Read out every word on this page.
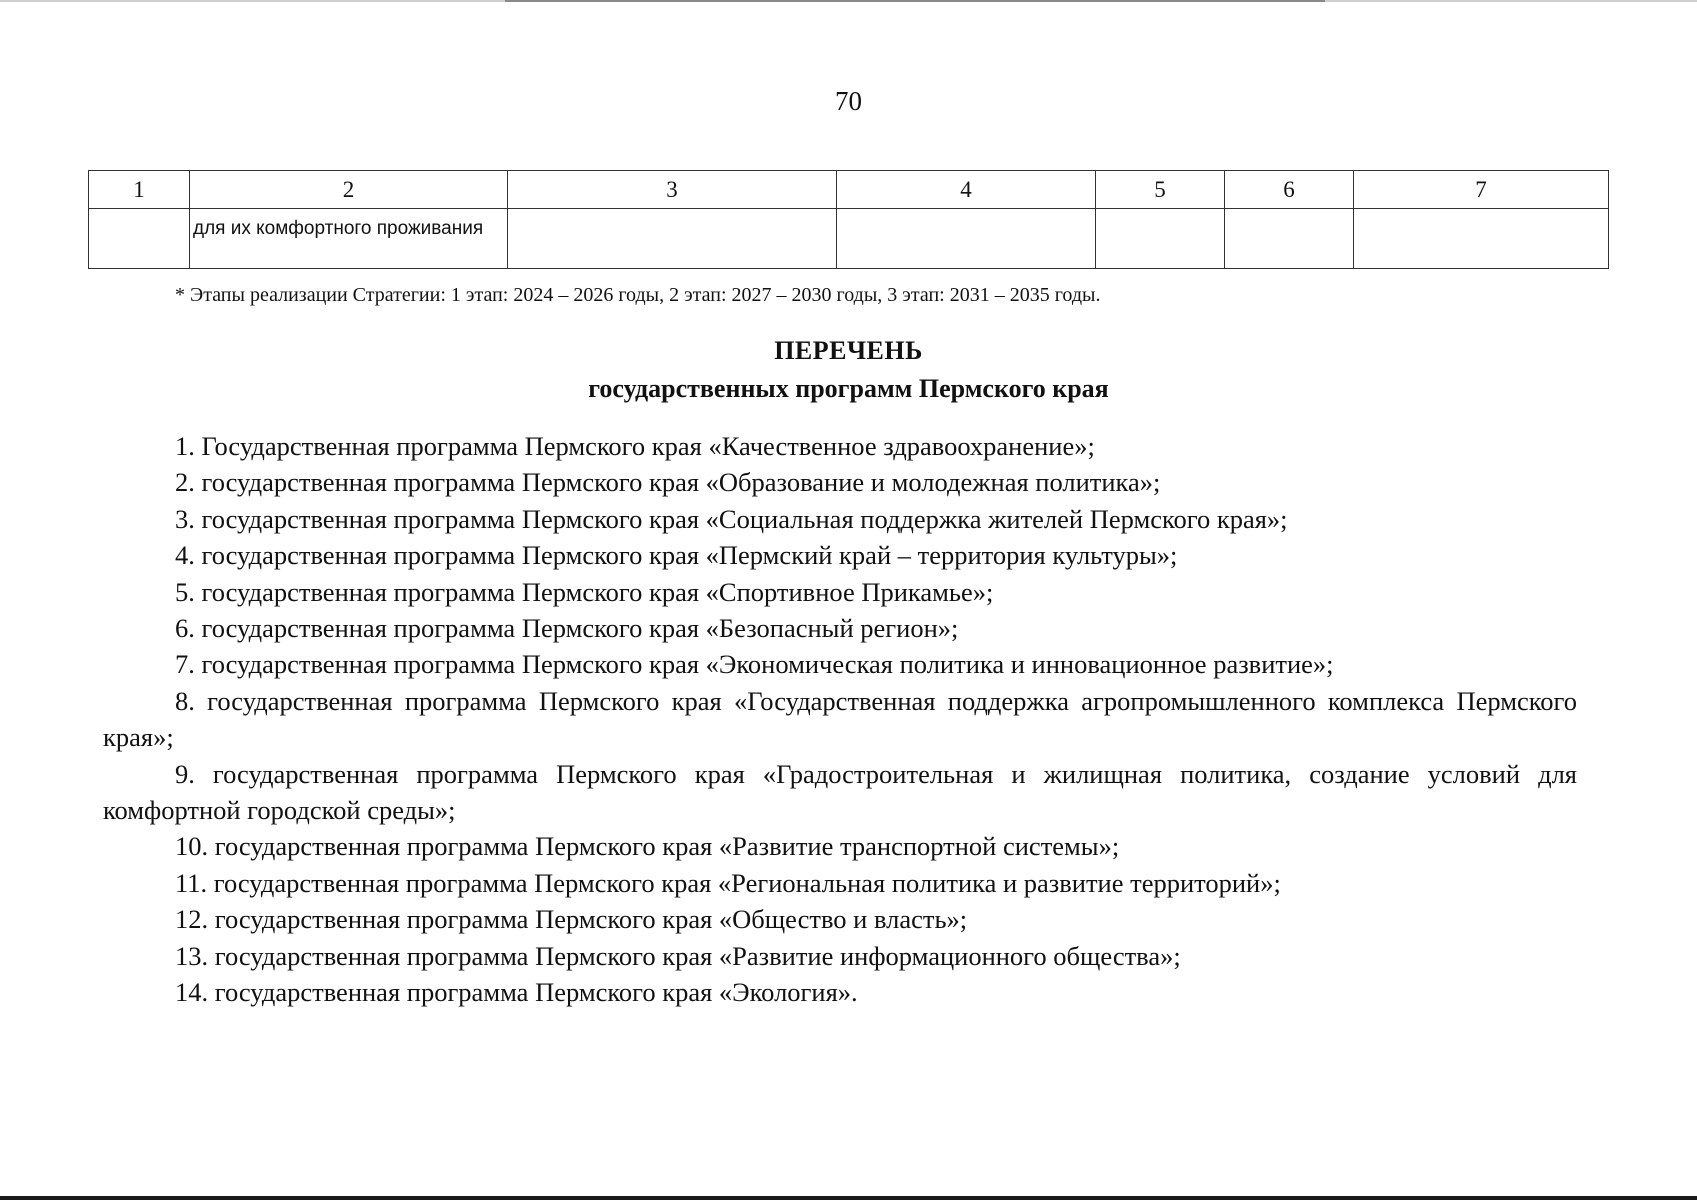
70
1	2	3	4	5	6	7

	для их комфортного проживания					

* Этапы реализации Стратегии: 1 этап: 2024 – 2026 годы, 2 этап: 2027 – 2030 годы, 3 этап: 2031 – 2035 годы.
ПЕРЕЧЕНЬ
государственных программ Пермского края
1. Государственная программа Пермского края «Качественное здравоохранение»;
2. государственная программа Пермского края «Образование и молодежная политика»;
3. государственная программа Пермского края «Социальная поддержка жителей Пермского края»;
4. государственная программа Пермского края «Пермский край – территория культуры»;
5. государственная программа Пермского края «Спортивное Прикамье»;
6. государственная программа Пермского края «Безопасный регион»;
7. государственная программа Пермского края «Экономическая политика и инновационное развитие»;
8. государственная программа Пермского края «Государственная поддержка агропромышленного комплекса Пермского края»;
9. государственная программа Пермского края «Градостроительная и жилищная политика, создание условий для комфортной городской среды»;
10. государственная программа Пермского края «Развитие транспортной системы»;
11. государственная программа Пермского края «Региональная политика и развитие территорий»;
12. государственная программа Пермского края «Общество и власть»;
13. государственная программа Пермского края «Развитие информационного общества»;
14. государственная программа Пермского края «Экология».
